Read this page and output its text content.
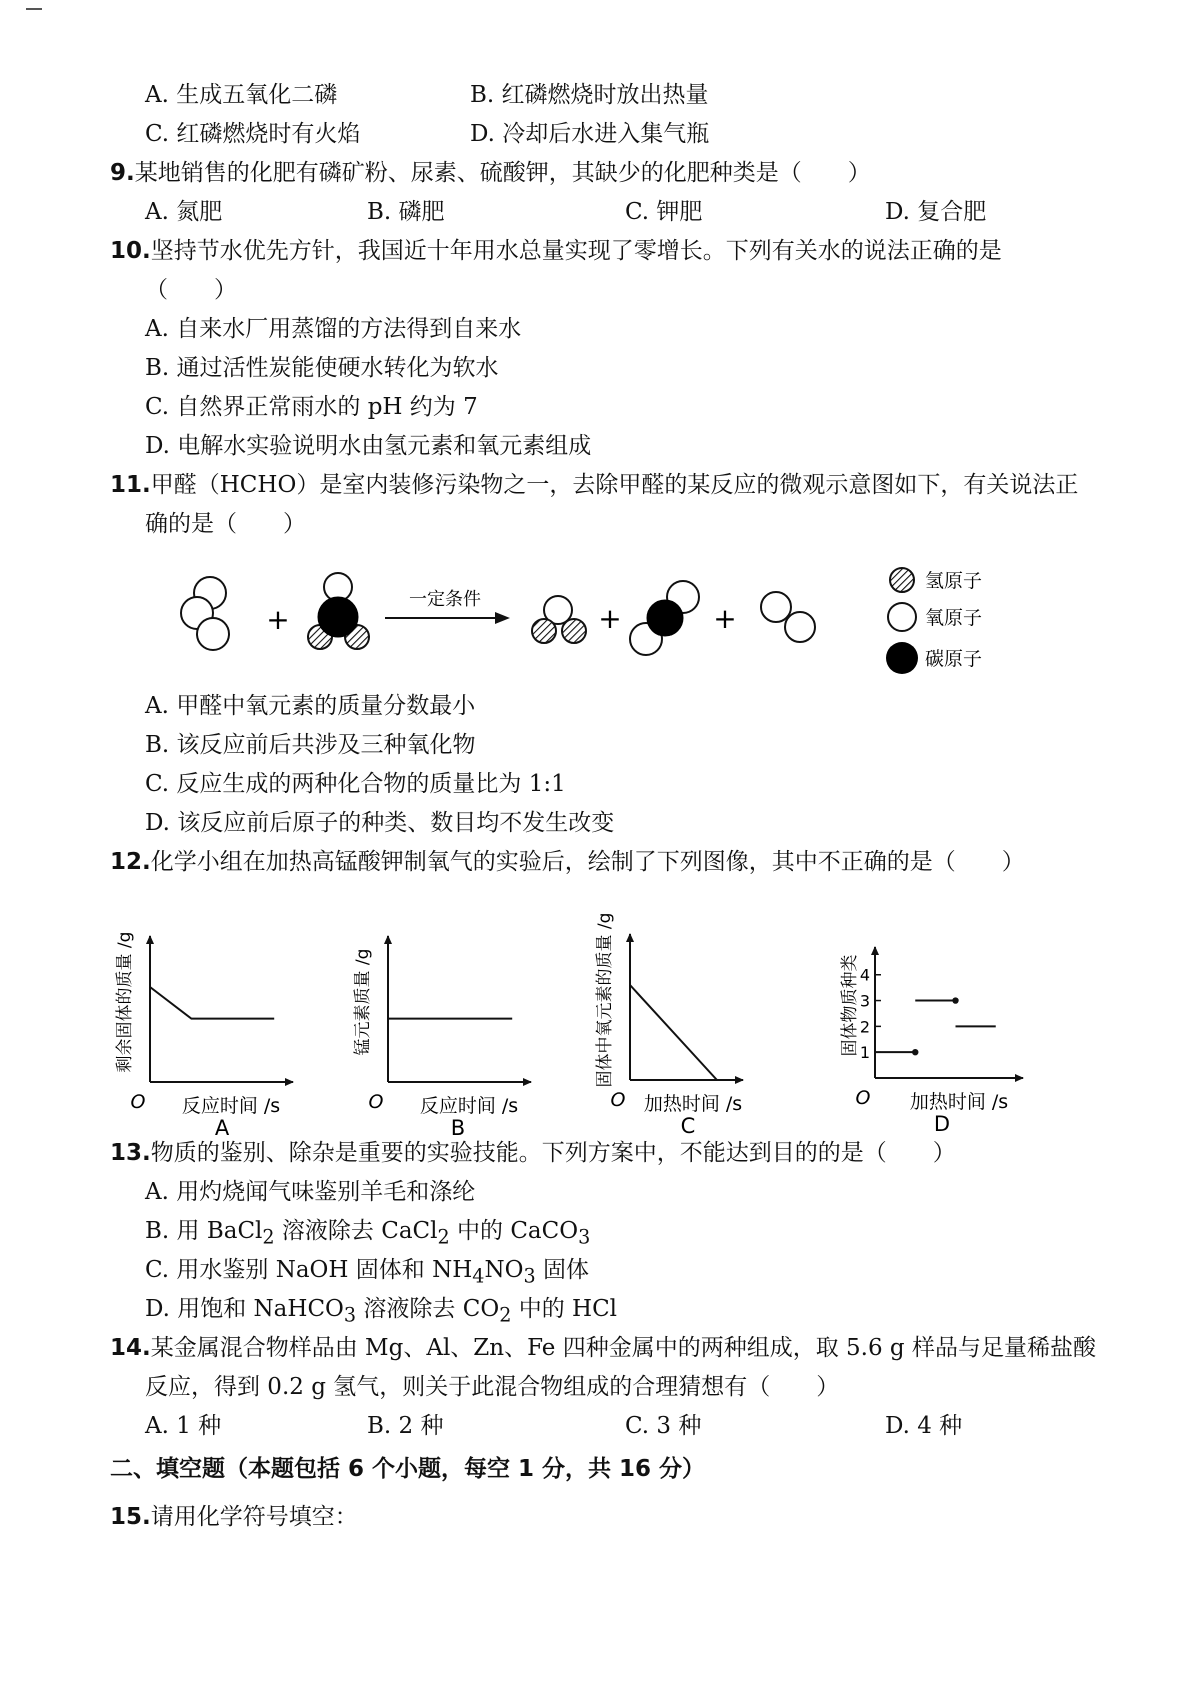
A. 生成五氧化二磷	B. 红磷燃烧时放出热量
C. 红磷燃烧时有火焰	D. 冷却后水进入集气瓶
9.某地销售的化肥有磷矿粉、尿素、硫酸钾，其缺少的化肥种类是（　　）
A. 氮肥	B. 磷肥	C. 钾肥	D. 复合肥
10.坚持节水优先方针，我国近十年用水总量实现了零增长。下列有关水的说法正确的是
（　　）
A. 自来水厂用蒸馏的方法得到自来水
B. 通过活性炭能使硬水转化为软水
C. 自然界正常雨水的 pH 约为 7
D. 电解水实验说明水由氢元素和氧元素组成
11.甲醛（HCHO）是室内装修污染物之一，去除甲醛的某反应的微观示意图如下，有关说法正
确的是（　　）
+
一定条件
+	+
氢原子
氧原子
碳原子
A. 甲醛中氧元素的质量分数最小
B. 该反应前后共涉及三种氧化物
C. 反应生成的两种化合物的质量比为 1:1
D. 该反应前后原子的种类、数目均不发生改变
12.化学小组在加热高锰酸钾制氧气的实验后，绘制了下列图像，其中不正确的是（　　）
O 反应时间 /s
剩余固体的质量 /g
A
O 反应时间 /s
锰元素质量 /g
B
O 加热时间 /s
固体中氧元素的质量 /g
C
O 加热时间 /s
固体物质种类
D
1
2
3
4
13.物质的鉴别、除杂是重要的实验技能。下列方案中，不能达到目的的是（　　）
A. 用灼烧闻气味鉴别羊毛和涤纶
B. 用 BaCl$_2$ 溶液除去 CaCl$_2$ 中的 CaCO$_3$
C. 用水鉴别 NaOH 固体和 $NH_4NO_3$ 固体
D. 用饱和 NaHCO$_3$ 溶液除去 $CO_2$ 中的 HCl
14.某金属混合物样品由 Mg、Al、Zn、Fe 四种金属中的两种组成，取 5.6 g 样品与足量稀盐酸
反应，得到 0.2 g 氢气，则关于此混合物组成的合理猜想有（　　）
A. 1 种	B. 2 种	C. 3 种	D. 4 种
二、填空题（本题包括 6 个小题，每空 1 分，共 16 分）
15.请用化学符号填空：
